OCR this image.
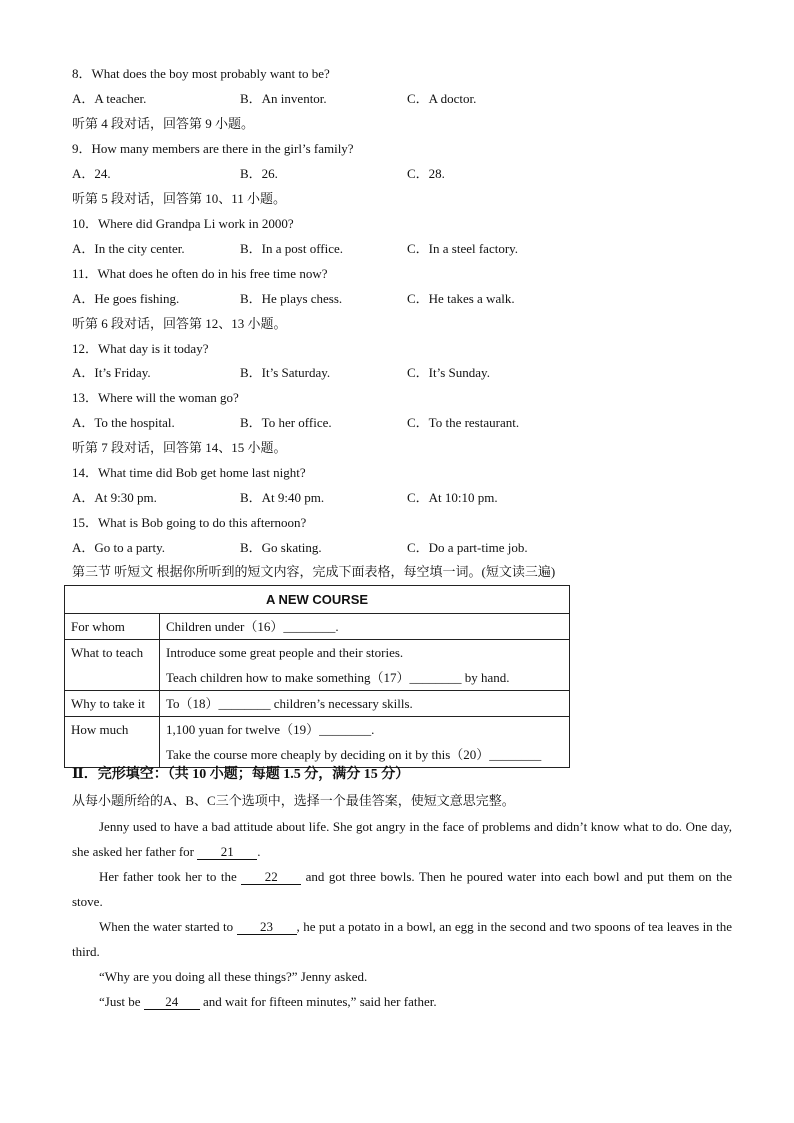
8．What does the boy most probably want to be?
A．A teacher.	B．An inventor.	C．A doctor.
听第 4 段对话，回答第 9 小题。
9．How many members are there in the girl’s family?
A．24.	B．26.	C．28.
听第 5 段对话，回答第 10、11 小题。
10．Where did Grandpa Li work in 2000?
A．In the city center.	B．In a post office.	C．In a steel factory.
11．What does he often do in his free time now?
A．He goes fishing.	B．He plays chess.	C．He takes a walk.
听第 6 段对话，回答第 12、13 小题。
12．What day is it today?
A．It’s Friday.	B．It’s Saturday.	C．It’s Sunday.
13．Where will the woman go?
A．To the hospital.	B．To her office.	C．To the restaurant.
听第 7 段对话，回答第 14、15 小题。
14．What time did Bob get home last night?
A．At 9:30 pm.	B．At 9:40 pm.	C．At 10:10 pm.
15．What is Bob going to do this afternoon?
A．Go to a party.	B．Go skating.	C．Do a part-time job.
第三节 听短文 根据你所听到的短文内容，完成下面表格，每空填一词。(短文读三遍)
A NEW COURSE	
For whom	Children under（16）________.

What to teach	Introduce some great people and their stories.
Teach children how to make something（17）________ by hand.

Why to take it	To（18）________ children’s necessary skills.

How much	1,100 yuan for twelve（19）________.
Take the course more cheaply by deciding on it by this（20）________
Ⅱ．完形填空：（共 10 小题；每题 1.5 分，满分 15 分）
从每小题所给的A、B、C三个选项中，选择一个最佳答案，使短文意思完整。
Jenny used to have a bad attitude about life. She got angry in the face of problems and didn’t know what to do. One day, she asked her father for 21 .
Her father took her to the 22 and got three bowls. Then he poured water into each bowl and put them on the stove.
When the water started to 23 , he put a potato in a bowl, an egg in the second and two spoons of tea leaves in the third.
“Why are you doing all these things?” Jenny asked.
“Just be 24 and wait for fifteen minutes,” said her father.
